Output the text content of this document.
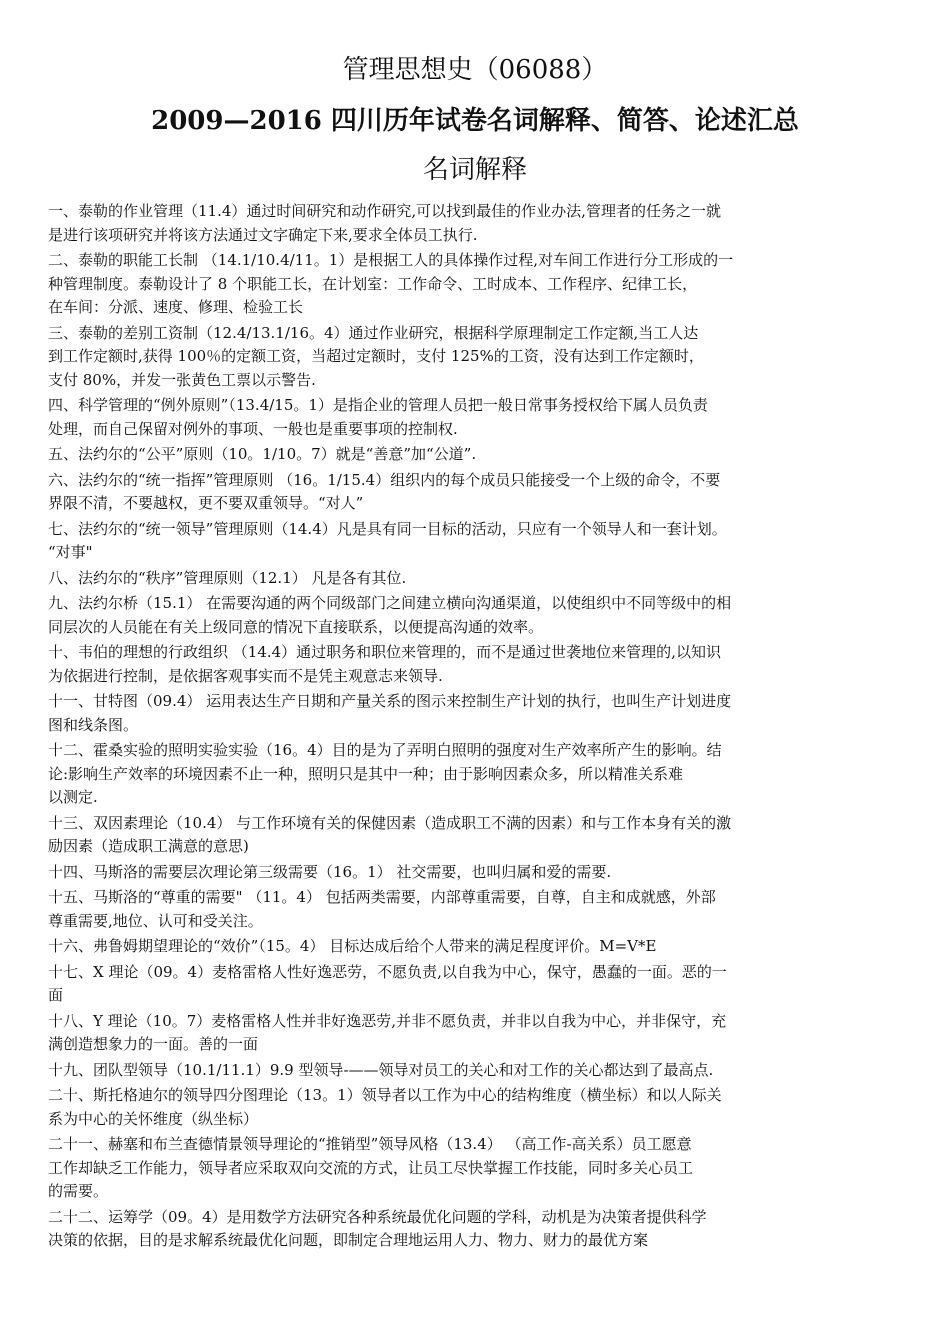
管理思想史（06088）
2009—2016 四川历年试卷名词解释、简答、论述汇总
名词解释
一、泰勒的作业管理（11.4）通过时间研究和动作研究,可以找到最佳的作业办法,管理者的任务之一就
是进行该项研究并将该方法通过文字确定下来,要求全体员工执行.
二、泰勒的职能工长制 （14.1/10.4/11。1）是根据工人的具体操作过程,对车间工作进行分工形成的一
种管理制度。泰勒设计了 8 个职能工长，在计划室：工作命令、工时成本、工作程序、纪律工长，
在车间：分派、速度、修理、检验工长
三、泰勒的差别工资制（12.4/13.1/16。4）通过作业研究，根据科学原理制定工作定额,当工人达
到工作定额时,获得 100％的定额工资，当超过定额时，支付 125%的工资，没有达到工作定额时，
支付 80%，并发一张黄色工票以示警告.
四、科学管理的“例外原则”（13.4/15。1）是指企业的管理人员把一般日常事务授权给下属人员负责
处理，而自己保留对例外的事项、一般也是重要事项的控制权.
五、法约尔的“公平”原则（10。1/10。7）就是“善意”加“公道”.
六、法约尔的“统一指挥”管理原则 （16。1/15.4）组织内的每个成员只能接受一个上级的命令，不要
界限不清，不要越权，更不要双重领导。“对人”
七、法约尔的“统一领导”管理原则（14.4）凡是具有同一目标的活动，只应有一个领导人和一套计划。
“对事"
八、法约尔的“秩序”管理原则（12.1） 凡是各有其位.
九、法约尔桥（15.1） 在需要沟通的两个同级部门之间建立横向沟通渠道，以使组织中不同等级中的相
同层次的人员能在有关上级同意的情况下直接联系，以便提高沟通的效率。
十、韦伯的理想的行政组织 （14.4）通过职务和职位来管理的，而不是通过世袭地位来管理的,以知识
为依据进行控制，是依据客观事实而不是凭主观意志来领导.
十一、甘特图（09.4） 运用表达生产日期和产量关系的图示来控制生产计划的执行，也叫生产计划进度
图和线条图。
十二、霍桑实验的照明实验实验（16。4）目的是为了弄明白照明的强度对生产效率所产生的影响。结
论:影响生产效率的环境因素不止一种，照明只是其中一种；由于影响因素众多，所以精准关系难
以测定.
十三、双因素理论（10.4） 与工作环境有关的保健因素（造成职工不满的因素）和与工作本身有关的激
励因素（造成职工满意的意思)
十四、马斯洛的需要层次理论第三级需要（16。1） 社交需要，也叫归属和爱的需要.
十五、马斯洛的“尊重的需要" （11。4） 包括两类需要，内部尊重需要，自尊，自主和成就感，外部
尊重需要,地位、认可和受关注。
十六、弗鲁姆期望理论的“效价”（15。4） 目标达成后给个人带来的满足程度评价。M=V*E
十七、X 理论（09。4）麦格雷格人性好逸恶劳，不愿负责,以自我为中心，保守，愚蠢的一面。恶的一
面
十八、Y 理论（10。7）麦格雷格人性并非好逸恶劳,并非不愿负责，并非以自我为中心，并非保守，充
满创造想象力的一面。善的一面
十九、团队型领导（10.1/11.1）9.9 型领导-——领导对员工的关心和对工作的关心都达到了最高点.
二十、斯托格迪尔的领导四分图理论（13。1）领导者以工作为中心的结构维度（横坐标）和以人际关
系为中心的关怀维度（纵坐标）
二十一、赫塞和布兰查德情景领导理论的“推销型”领导风格（13.4） （高工作-高关系）员工愿意
工作却缺乏工作能力，领导者应采取双向交流的方式，让员工尽快掌握工作技能，同时多关心员工
的需要。
二十二、运筹学（09。4）是用数学方法研究各种系统最优化问题的学科，动机是为决策者提供科学
决策的依据，目的是求解系统最优化问题，即制定合理地运用人力、物力、财力的最优方案
